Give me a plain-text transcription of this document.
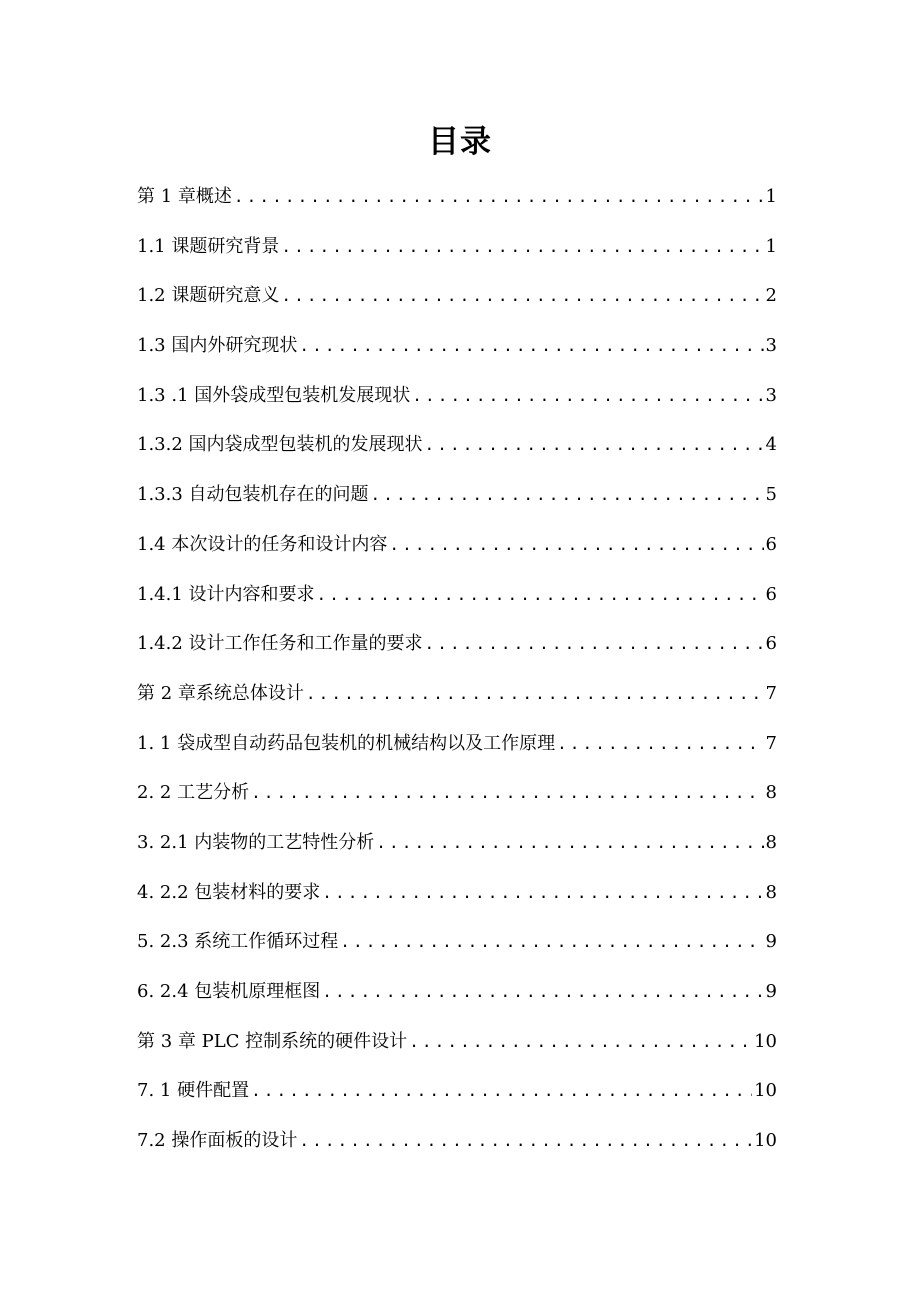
目录
第 1 章概述 .....	1
1.1 课题研究背景 .....	1
1.2 课题研究意义 .....	2
1.3 国内外研究现状 .....	3
1.3 .1 国外袋成型包装机发展现状 .....	3
1.3.2 国内袋成型包装机的发展现状 .....	4
1.3.3 自动包装机存在的问题 .....	5
1.4 本次设计的任务和设计内容 .....	6
1.4.1 设计内容和要求 .....	6
1.4.2 设计工作任务和工作量的要求 .....	6
第 2 章系统总体设计 .....	7
1. 1 袋成型自动药品包装机的机械结构以及工作原理 .....	7
2. 2 工艺分析 .....	8
3. 2.1 内装物的工艺特性分析 .....	8
4. 2.2 包装材料的要求 .....	8
5. 2.3 系统工作循环过程 .....	9
6. 2.4 包装机原理框图 .....	9
第 3 章 PLC 控制系统的硬件设计 .....	10
7. 1 硬件配置 .....	10
7.2 操作面板的设计 .....	10
